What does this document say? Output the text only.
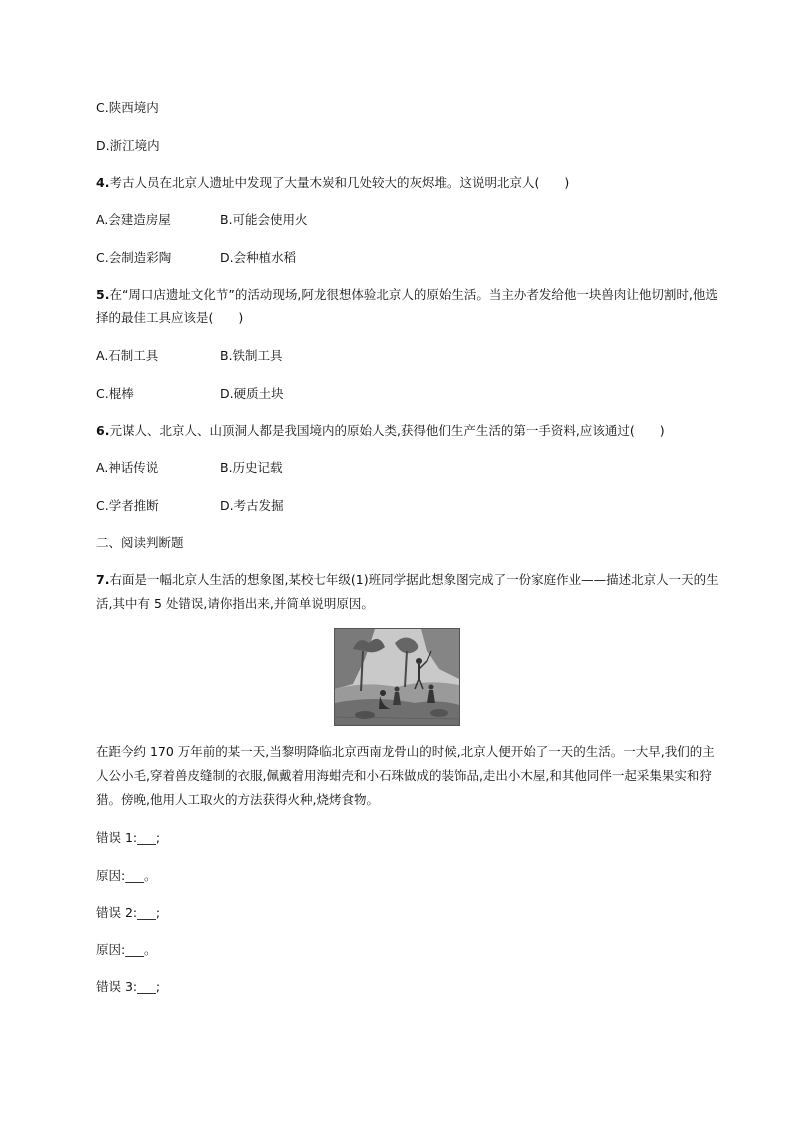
C.陕西境内
D.浙江境内
4.考古人员在北京人遗址中发现了大量木炭和几处较大的灰烬堆。这说明北京人(　　)
A.会建造房屋	B.可能会使用火
C.会制造彩陶	D.会种植水稻
5.在“周口店遗址文化节”的活动现场,阿龙很想体验北京人的原始生活。当主办者发给他一块兽肉让他切割时,他选
择的最佳工具应该是(　　)
A.石制工具	B.铁制工具
C.棍棒	D.硬质土块
6.元谋人、北京人、山顶洞人都是我国境内的原始人类,获得他们生产生活的第一手资料,应该通过(　　)
A.神话传说	B.历史记载
C.学者推断	D.考古发掘
二、阅读判断题
7.右面是一幅北京人生活的想象图,某校七年级(1)班同学据此想象图完成了一份家庭作业——描述北京人一天的生
活,其中有 5 处错误,请你指出来,并简单说明原因。
在距今约 170 万年前的某一天,当黎明降临北京西南龙骨山的时候,北京人便开始了一天的生活。一大早,我们的主
人公小毛,穿着兽皮缝制的衣服,佩戴着用海蚶壳和小石珠做成的装饰品,走出小木屋,和其他同伴一起采集果实和狩
猎。傍晚,他用人工取火的方法获得火种,烧烤食物。
错误 1:___;
原因:___。
错误 2:___;
原因:___。
错误 3:___;
